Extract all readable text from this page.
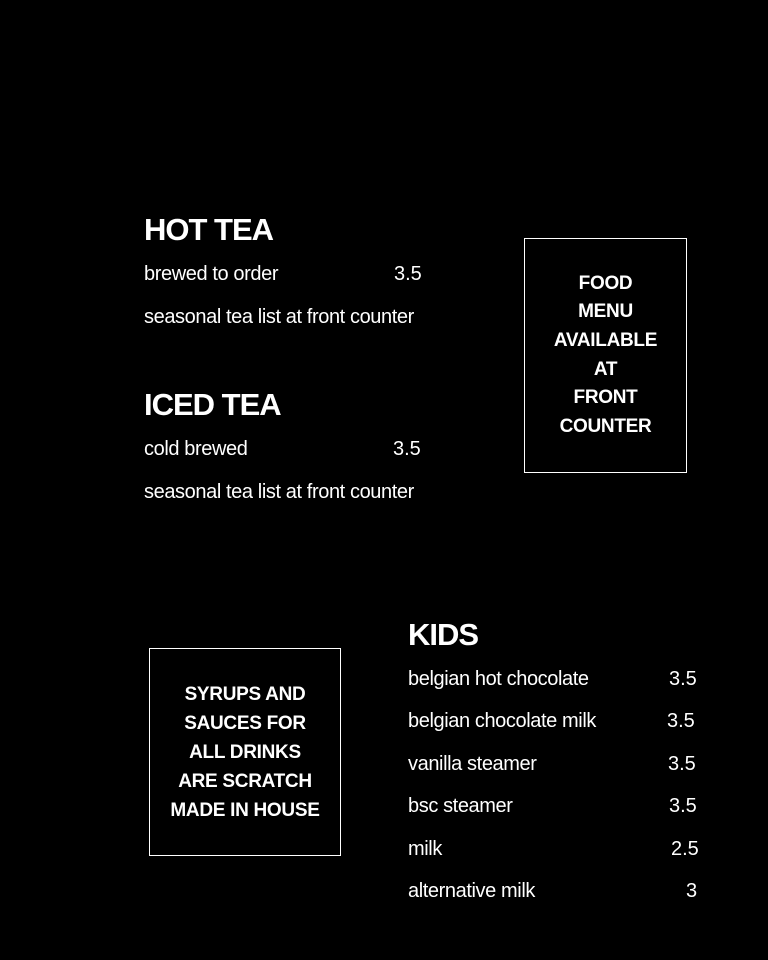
HOT TEA
brewed to order	3.5
seasonal tea list at front counter
ICED TEA
cold brewed	3.5
seasonal tea list at front counter
FOOD
MENU
AVAILABLE
AT
FRONT
COUNTER
SYRUPS AND
SAUCES FOR
ALL DRINKS
ARE SCRATCH
MADE IN HOUSE
KIDS
belgian hot chocolate	3.5
belgian chocolate milk	3.5
vanilla steamer	3.5
bsc steamer	3.5
milk	2.5
alternative milk	3
